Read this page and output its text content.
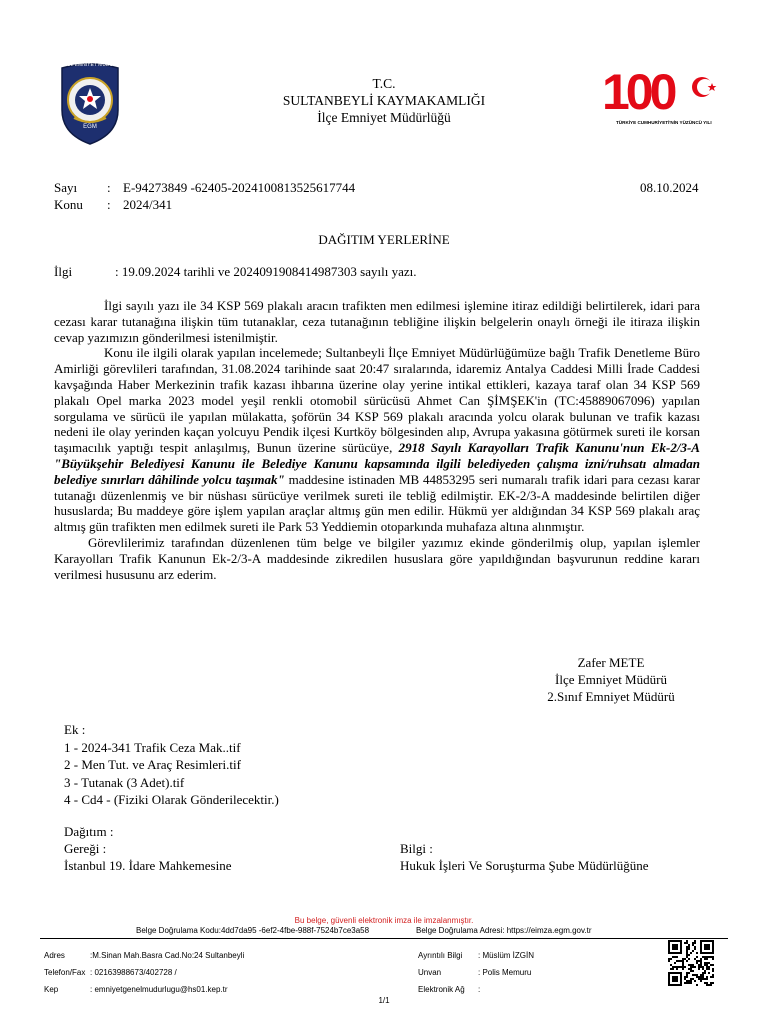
İSTANBUL EMNİYET MÜDÜRLÜĞÜ
EGM
100
TÜRKİYE CUMHURİYETİ'NİN YÜZÜNCÜ YILI
T.C.
SULTANBEYLİ KAYMAKAMLIĞI
İlçe Emniyet Müdürlüğü
Sayı : E-94273849 -62405-2024100813525617744	08.10.2024
Konu : 2024/341
DAĞITIM YERLERİNE
İlgi	: 19.09.2024 tarihli ve 2024091908414987303 sayılı yazı.

İlgi sayılı yazı ile 34 KSP 569 plakalı aracın trafikten men edilmesi işlemine itiraz edildiği belirtilerek, idari para cezası karar tutanağına ilişkin tüm tutanaklar, ceza tutanağının tebliğine ilişkin belgelerin onaylı örneği ile itiraza ilişkin cevap yazımızın gönderilmesi istenilmiştir.

Konu ile ilgili olarak yapılan incelemede; Sultanbeyli İlçe Emniyet Müdürlüğümüze bağlı Trafik Denetleme Büro Amirliği görevlileri tarafından, 31.08.2024 tarihinde saat 20:47 sıralarında, idaremiz Antalya Caddesi Milli İrade Caddesi kavşağında Haber Merkezinin trafik kazası ihbarına üzerine olay yerine intikal ettikleri, kazaya taraf olan 34 KSP 569 plakalı Opel marka 2023 model yeşil renkli otomobil sürücüsü Ahmet Can ŞİMŞEK'in (TC:45889067096) yapılan sorgulama ve sürücü ile yapılan mülakatta, şoförün 34 KSP 569 plakalı aracında yolcu olarak bulunan ve trafik kazası nedeni ile olay yerinden kaçan yolcuyu Pendik ilçesi Kurtköy bölgesinden alıp, Avrupa yakasına götürmek sureti ile korsan taşımacılık yaptığı tespit anlaşılmış, Bunun üzerine sürücüye, 2918 Sayılı Karayolları Trafik Kanunu'nun Ek-2/3-A "Büyükşehir Belediyesi Kanunu ile Belediye Kanunu kapsamında ilgili belediyeden çalışma izni/ruhsatı almadan belediye sınırları dâhilinde yolcu taşımak" maddesine istinaden MB 44853295 seri numaralı trafik idari para cezası karar tutanağı düzenlenmiş ve bir nüshası sürücüye verilmek sureti ile tebliğ edilmiştir. EK-2/3-A maddesinde belirtilen diğer hususlarda; Bu maddeye göre işlem yapılan araçlar altmış gün men edilir. Hükmü yer aldığından 34 KSP 569 plakalı araç altmış gün trafikten men edilmek sureti ile Park 53 Yeddiemin otoparkında muhafaza altına alınmıştır.

Görevlilerimiz tarafından düzenlenen tüm belge ve bilgiler yazımız ekinde gönderilmiş olup, yapılan işlemler Karayolları Trafik Kanunun Ek-2/3-A maddesinde zikredilen hususlara göre yapıldığından başvurunun reddine kararı verilmesi hususunu arz ederim.

Zafer METE
İlçe Emniyet Müdürü
2.Sınıf Emniyet Müdürü
Ek :
1 - 2024-341 Trafik Ceza Mak..tif
2 - Men Tut. ve Araç Resimleri.tif
3 - Tutanak (3 Adet).tif
4 - Cd4 - (Fiziki Olarak Gönderilecektir.)
Dağıtım :
Gereği :
İstanbul 19. İdare Mahkemesine
Bilgi :
Hukuk İşleri Ve Soruşturma Şube Müdürlüğüne
Bu belge, güvenli elektronik imza ile imzalanmıştır.
Belge Doğrulama Kodu:4dd7da95 -6ef2-4fbe-988f-7524b7ce3a58	Belge Doğrulama Adresi: https://eimza.egm.gov.tr
Adres	:M.Sinan Mah.Basra Cad.No:24 Sultanbeyli
Telefon/Fax : 02163988673/402728 /
Kep	: emniyetgenelmudurlugu@hs01.kep.tr
Ayrıntılı Bilgi : Müslüm İZGİN
Unvan	: Polis Memuru
Elektronik Ağ :
1/1
